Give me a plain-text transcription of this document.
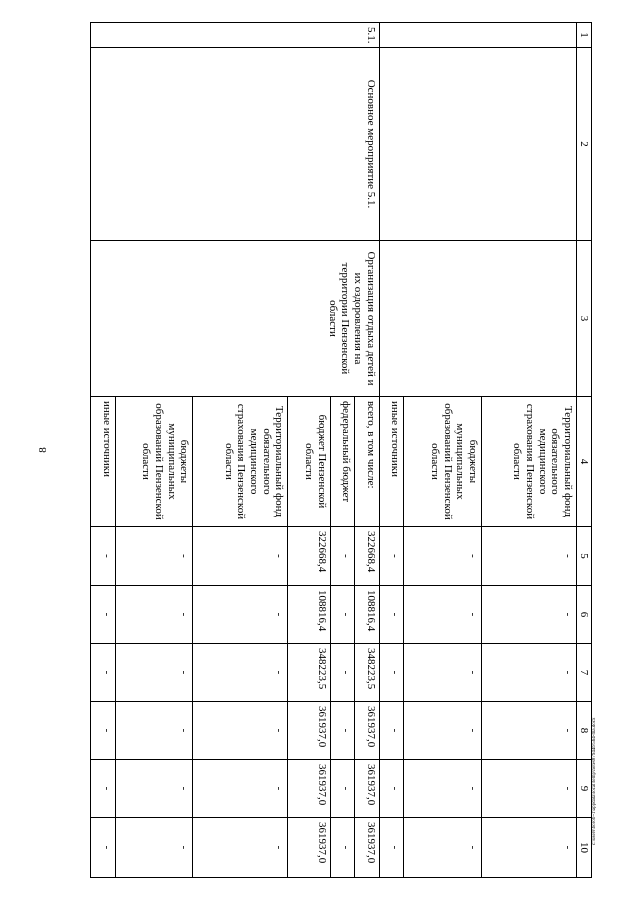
8
1	2	3	4	5	6	7	8	9	10
			Территориальный фонд обязательного медицинского страхования Пензенской области	-	-	-	-	-	-
			бюджеты муниципальных образований Пензенской области	-	-	-	-	-	-
			иные источники	-	-	-	-	-	-
5.1.	Основное мероприятие 5.1.	Организация отдыха детей и их оздоровления на территории Пензенской области	всего, в том числе:	322668,4	108816,4	348223,5	361937,0	361937,0	361937,0
			федеральный бюджет	-	-	-	-	-	-
			бюджет Пензенской области	322668,4	108816,4	348223,5	361937,0	361937,0	361937,0
			Территориальный фонд обязательного медицинского страхования Пензенской области	-	-	-	-	-	-
			бюджеты муниципальных образований Пензенской области	-	-	-	-	-	-
			иные источники	-	-	-	-	-	-
c:\users\borob~1\appdata\local\temp\notes87944b\564-ma.docx
